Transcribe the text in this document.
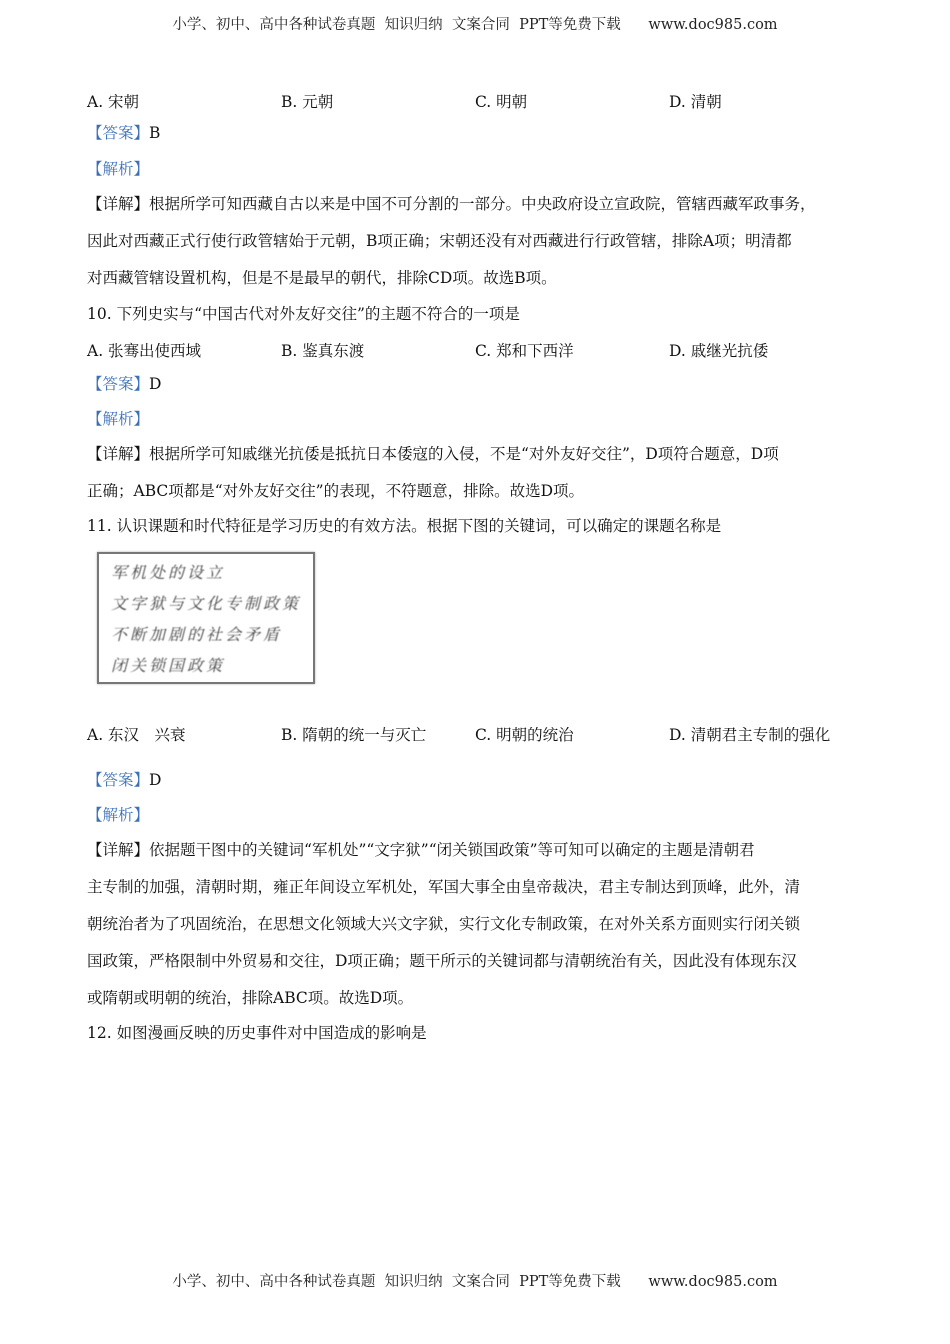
小学、初中、高中各种试卷真题  知识归纳  文案合同  PPT等免费下载      www.doc985.com
A. 宋朝	B. 元朝	C. 明朝	D. 清朝
【答案】B
【解析】
【详解】根据所学可知西藏自古以来是中国不可分割的一部分。中央政府设立宣政院，管辖西藏军政事务，
因此对西藏正式行使行政管辖始于元朝，B项正确；宋朝还没有对西藏进行行政管辖，排除A项；明清都
对西藏管辖设置机构，但是不是最早的朝代，排除CD项。故选B项。
10. 下列史实与“中国古代对外友好交往”的主题不符合的一项是
A. 张骞出使西域	B. 鉴真东渡	C. 郑和下西洋	D. 戚继光抗倭
【答案】D
【解析】
【详解】根据所学可知戚继光抗倭是抵抗日本倭寇的入侵，不是“对外友好交往”，D项符合题意，D项
正确；ABC项都是“对外友好交往”的表现，不符题意，排除。故选D项。
11. 认识课题和时代特征是学习历史的有效方法。根据下图的关键词，可以确定的课题名称是
军机处的设立
文字狱与文化专制政策
不断加剧的社会矛盾
闭关锁国政策
A. 东汉　兴衰	B. 隋朝的统一与灭亡	C. 明朝的统治	D. 清朝君主专制的强化
【答案】D
【解析】
【详解】依据题干图中的关键词“军机处”“文字狱”“闭关锁国政策”等可知可以确定的主题是清朝君
主专制的加强，清朝时期，雍正年间设立军机处，军国大事全由皇帝裁决，君主专制达到顶峰，此外，清
朝统治者为了巩固统治，在思想文化领域大兴文字狱，实行文化专制政策，在对外关系方面则实行闭关锁
国政策，严格限制中外贸易和交往，D项正确；题干所示的关键词都与清朝统治有关，因此没有体现东汉
或隋朝或明朝的统治，排除ABC项。故选D项。
12. 如图漫画反映的历史事件对中国造成的影响是
小学、初中、高中各种试卷真题  知识归纳  文案合同  PPT等免费下载      www.doc985.com
